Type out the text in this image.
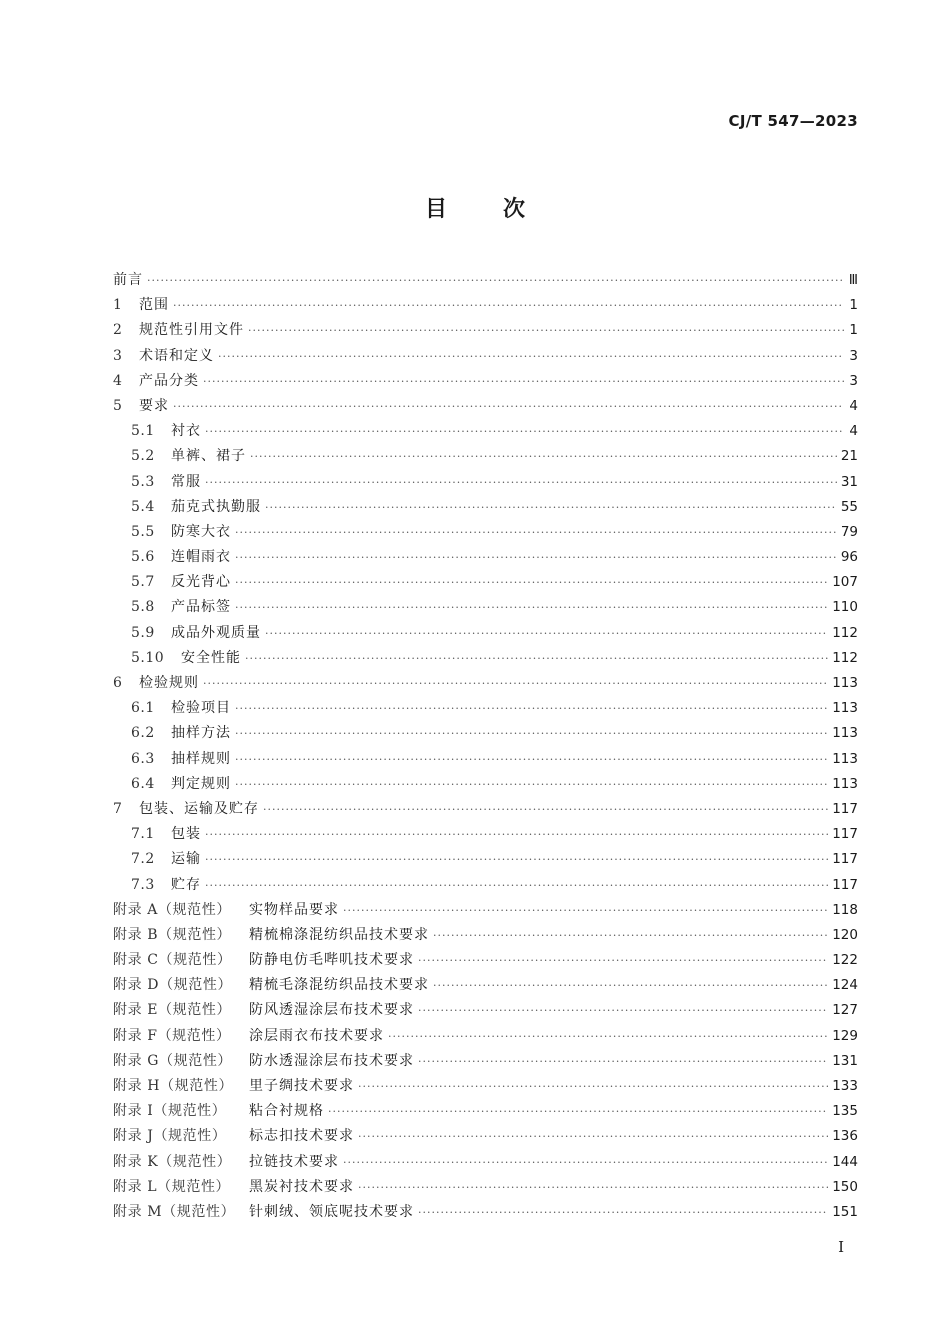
CJ/T 547—2023
目	次
前言 ·····	Ⅲ
1	范围 ·····	1
2	规范性引用文件 ·····	1
3	术语和定义 ·····	3
4	产品分类 ·····	3
5	要求 ·····	4
5.1	衬衣 ·····	4
5.2	单裤、裙子 ·····	21
5.3	常服 ·····	31
5.4	茄克式执勤服 ·····	55
5.5	防寒大衣 ·····	79
5.6	连帽雨衣 ·····	96
5.7	反光背心 ·····	107
5.8	产品标签 ·····	110
5.9	成品外观质量 ·····	112
5.10	安全性能 ·····	112
6	检验规则 ·····	113
6.1	检验项目 ·····	113
6.2	抽样方法 ·····	113
6.3	抽样规则 ·····	113
6.4	判定规则 ·····	113
7	包装、运输及贮存 ·····	117
7.1	包装 ·····	117
7.2	运输 ·····	117
7.3	贮存 ·····	117
附录 A（规范性）	实物样品要求 ·····	118
附录 B（规范性）	精梳棉涤混纺织品技术要求 ·····	120
附录 C（规范性）	防静电仿毛哔叽技术要求 ·····	122
附录 D（规范性）	精梳毛涤混纺织品技术要求 ·····	124
附录 E（规范性）	防风透湿涂层布技术要求 ·····	127
附录 F（规范性）	涂层雨衣布技术要求 ·····	129
附录 G（规范性）	防水透湿涂层布技术要求 ·····	131
附录 H（规范性）	里子绸技术要求 ·····	133
附录 I（规范性）	粘合衬规格 ·····	135
附录 J（规范性）	标志扣技术要求 ·····	136
附录 K（规范性）	拉链技术要求 ·····	144
附录 L（规范性）	黑炭衬技术要求 ·····	150
附录 M（规范性） 针刺绒、领底呢技术要求 ·····	151
Ⅰ
